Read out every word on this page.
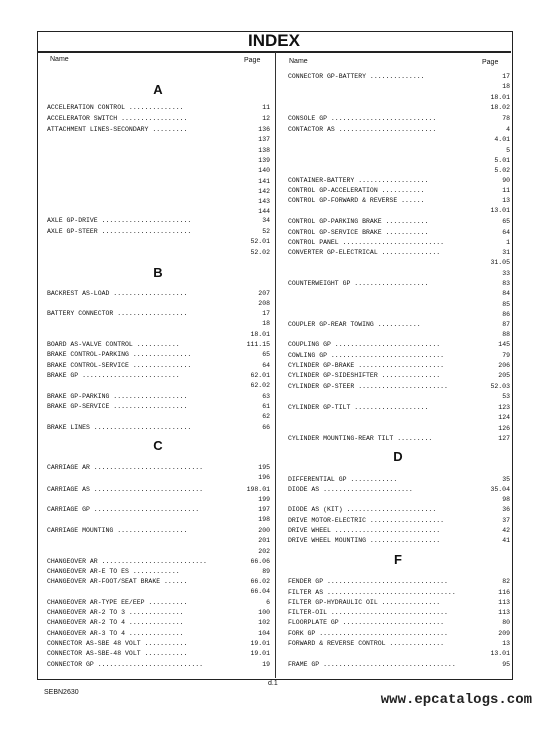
INDEX
Name	Page	Name	Page
A
ACCELERATION CONTROL ..............	11
ACCELERATOR SWITCH .................	12
ATTACHMENT LINES-SECONDARY .........	136
137
138
139
140
141
142
143
144
AXLE GP-DRIVE .......................	34
AXLE GP-STEER .......................	52
52.01
52.02
B
BACKREST AS-LOAD ...................	207
208
BATTERY CONNECTOR ..................	17
18
18.01
BOARD AS-VALVE CONTROL ...........	111.15
BRAKE CONTROL-PARKING ...............	65
BRAKE CONTROL-SERVICE ...............	64
BRAKE GP .........................	62.01
62.02
BRAKE GP-PARKING ...................	63
BRAKE GP-SERVICE ...................	61
62
BRAKE LINES .........................	66
C
CARRIAGE AR ............................	195
196
CARRIAGE AS ............................	198.01
199
CARRIAGE GP ...........................	197
198
CARRIAGE MOUNTING ..................	200
201
202
CHANGEOVER AR ...........................	66.06
CHANGEOVER AR-E TO ES ............	89
CHANGEOVER AR-FOOT/SEAT BRAKE ......	66.02
66.04
CHANGEOVER AR-TYPE EE/EEP ..........	6
CHANGEOVER AR-2 TO 3 ..............	100
CHANGEOVER AR-2 TO 4 ..............	102
CHANGEOVER AR-3 TO 4 ..............	104
CONNECTOR AS-SBE 48 VOLT ...........	19.01
CONNECTOR AS-SBE-48 VOLT ...........	19.01
CONNECTOR GP ...........................	19
CONNECTOR GP-BATTERY ..............	17
18
18.01
18.02
CONSOLE GP ...........................	78
CONTACTOR AS .........................	4
4.01
5
5.01
5.02
CONTAINER-BATTERY ..................	90
CONTROL GP-ACCELERATION ...........	11
CONTROL GP-FORWARD & REVERSE ......	13
13.01
CONTROL GP-PARKING BRAKE ...........	65
CONTROL GP-SERVICE BRAKE ...........	64
CONTROL PANEL ..........................	1
CONVERTER GP-ELECTRICAL ...............	31
31.05
33
COUNTERWEIGHT GP ...................	83
84
85
86
COUPLER GP-REAR TOWING ...........	87
88
COUPLING GP ...........................	145
COWLING GP .............................	79
CYLINDER GP-BRAKE ......................	206
CYLINDER GP-SIDESHIFTER ...............	205
CYLINDER GP-STEER .......................	52.03
53
CYLINDER GP-TILT ...................	123
124
126
CYLINDER MOUNTING-REAR TILT .........	127
D
DIFFERENTIAL GP ............	35
DIODE AS .......................	35.04
98
DIODE AS (KIT) .......................	36
DRIVE MOTOR-ELECTRIC ...................	37
DRIVE WHEEL ...........................	42
DRIVE WHEEL MOUNTING ..................	41
F
FENDER GP ...............................	82
FILTER AS .................................	116
FILTER GP-HYDRAULIC OIL ...............	113
FILTER-OIL ..............................	113
FLOORPLATE GP ..........................	80
FORK GP .................................	209
FORWARD & REVERSE CONTROL ..............	13
13.01
FRAME GP ..................................	95
SEBN2630
d.1
www.epcatalogs.com
